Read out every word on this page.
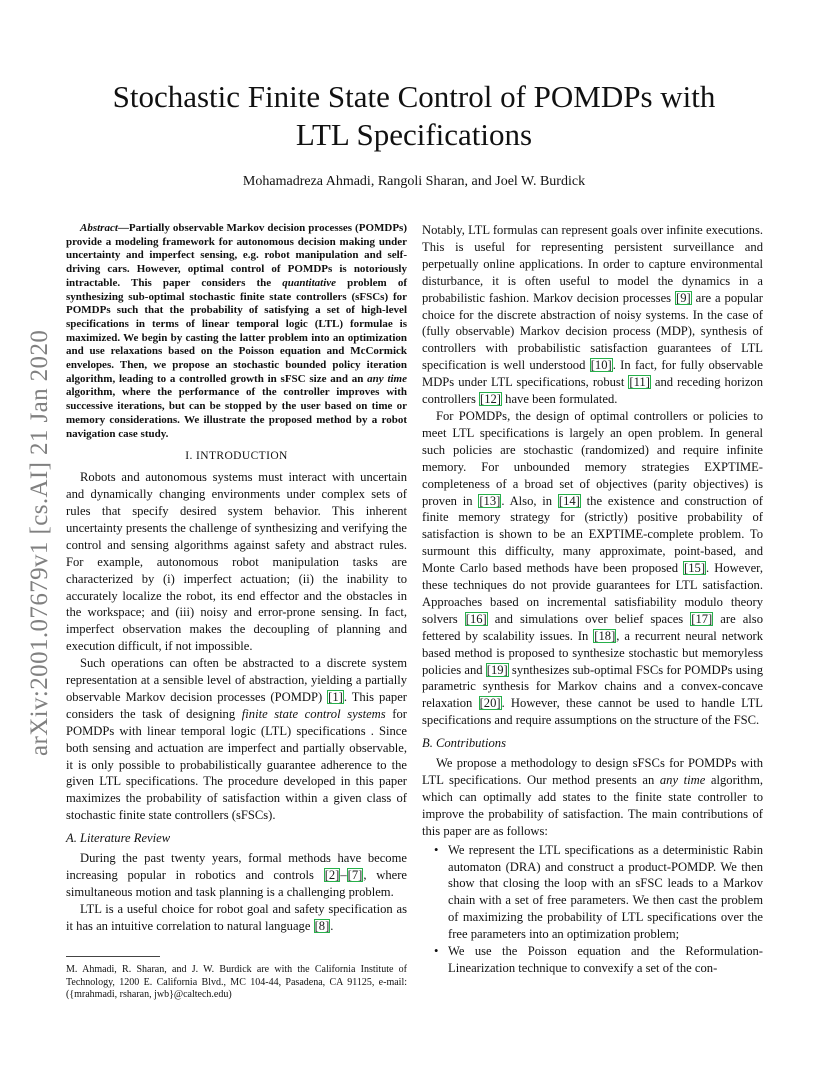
arXiv:2001.07679v1 [cs.AI] 21 Jan 2020
Stochastic Finite State Control of POMDPs with
LTL Specifications
Mohamadreza Ahmadi, Rangoli Sharan, and Joel W. Burdick

Abstract—Partially observable Markov decision processes (POMDPs) provide a modeling framework for autonomous decision making under uncertainty and imperfect sensing, e.g. robot manipulation and self-driving cars. However, optimal control of POMDPs is notoriously intractable. This paper considers the quantitative problem of synthesizing sub-optimal stochastic finite state controllers (sFSCs) for POMDPs such that the probability of satisfying a set of high-level specifications in terms of linear temporal logic (LTL) formulae is maximized. We begin by casting the latter problem into an optimization and use relaxations based on the Poisson equation and McCormick envelopes. Then, we propose an stochastic bounded policy iteration algorithm, leading to a controlled growth in sFSC size and an any time algorithm, where the performance of the controller improves with successive iterations, but can be stopped by the user based on time or memory considerations. We illustrate the proposed method by a robot navigation case study.

I. INTRODUCTION

Robots and autonomous systems must interact with uncertain and dynamically changing environments under complex sets of rules that specify desired system behavior. This inherent uncertainty presents the challenge of synthesizing and verifying the control and sensing algorithms against safety and abstract rules. For example, autonomous robot manipulation tasks are characterized by (i) imperfect actuation; (ii) the inability to accurately localize the robot, its end effector and the obstacles in the workspace; and (iii) noisy and error-prone sensing. In fact, imperfect observation makes the decoupling of planning and execution difficult, if not impossible.

Such operations can often be abstracted to a discrete system representation at a sensible level of abstraction, yielding a partially observable Markov decision processes (POMDP) [1]. This paper considers the task of designing finite state control systems for POMDPs with linear temporal logic (LTL) specifications . Since both sensing and actuation are imperfect and partially observable, it is only possible to probabilistically guarantee adherence to the given LTL specifications. The procedure developed in this paper maximizes the probability of satisfaction within a given class of stochastic finite state controllers (sFSCs).

A. Literature Review

During the past twenty years, formal methods have become increasing popular in robotics and controls [2]–[7], where simultaneous motion and task planning is a challenging problem.

LTL is a useful choice for robot goal and safety specification as it has an intuitive correlation to natural language [8].

M. Ahmadi, R. Sharan, and J. W. Burdick are with the California Institute of Technology, 1200 E. California Blvd., MC 104-44, Pasadena, CA 91125, e-mail: ({mrahmadi, rsharan, jwb}@caltech.edu)

Notably, LTL formulas can represent goals over infinite executions. This is useful for representing persistent surveillance and perpetually online applications. In order to capture environmental disturbance, it is often useful to model the dynamics in a probabilistic fashion. Markov decision processes [9] are a popular choice for the discrete abstraction of noisy systems. In the case of (fully observable) Markov decision process (MDP), synthesis of controllers with probabilistic satisfaction guarantees of LTL specification is well understood [10]. In fact, for fully observable MDPs under LTL specifications, robust [11] and receding horizon controllers [12] have been formulated.

For POMDPs, the design of optimal controllers or policies to meet LTL specifications is largely an open problem. In general such policies are stochastic (randomized) and require infinite memory. For unbounded memory strategies EXPTIME-completeness of a broad set of objectives (parity objectives) is proven in [13]. Also, in [14] the existence and construction of finite memory strategy for (strictly) positive probability of satisfaction is shown to be an EXPTIME-complete problem. To surmount this difficulty, many approximate, point-based, and Monte Carlo based methods have been proposed [15]. However, these techniques do not provide guarantees for LTL satisfaction. Approaches based on incremental satisfiability modulo theory solvers [16] and simulations over belief spaces [17] are also fettered by scalability issues. In [18], a recurrent neural network based method is proposed to synthesize stochastic but memoryless policies and [19] synthesizes sub-optimal FSCs for POMDPs using parametric synthesis for Markov chains and a convex-concave relaxation [20]. However, these cannot be used to handle LTL specifications and require assumptions on the structure of the FSC.

B. Contributions

We propose a methodology to design sFSCs for POMDPs with LTL specifications. Our method presents an any time algorithm, which can optimally add states to the finite state controller to improve the probability of satisfaction. The main contributions of this paper are as follows:

• We represent the LTL specifications as a deterministic Rabin automaton (DRA) and construct a product-POMDP. We then show that closing the loop with an sFSC leads to a Markov chain with a set of free parameters. We then cast the problem of maximizing the probability of LTL specifications over the free parameters into an optimization problem;
• We use the Poisson equation and the Reformulation-Linearization technique to convexify a set of the con-
